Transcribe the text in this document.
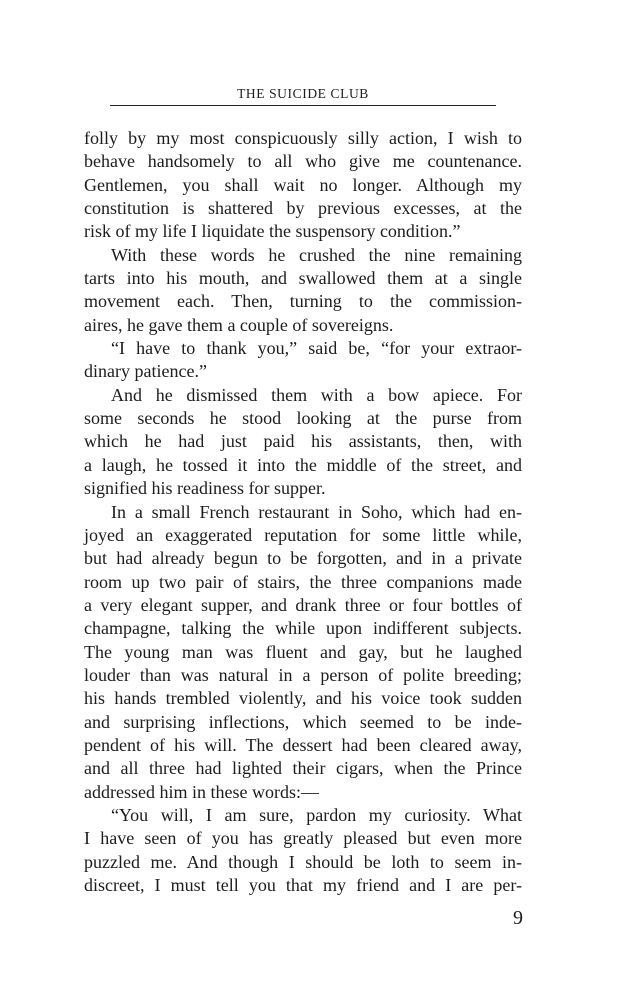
THE SUICIDE CLUB
folly by my most conspicuously silly action, I wish to
behave handsomely to all who give me countenance.
Gentlemen, you shall wait no longer. Although my
constitution is shattered by previous excesses, at the
risk of my life I liquidate the suspensory condition.”
With these words he crushed the nine remaining
tarts into his mouth, and swallowed them at a single
movement each. Then, turning to the commission-
aires, he gave them a couple of sovereigns.
“I have to thank you,” said be, “for your extraor-
dinary patience.”
And he dismissed them with a bow apiece. For
some seconds he stood looking at the purse from
which he had just paid his assistants, then, with
a laugh, he tossed it into the middle of the street, and
signified his readiness for supper.
In a small French restaurant in Soho, which had en-
joyed an exaggerated reputation for some little while,
but had already begun to be forgotten, and in a private
room up two pair of stairs, the three companions made
a very elegant supper, and drank three or four bottles of
champagne, talking the while upon indifferent subjects.
The young man was fluent and gay, but he laughed
louder than was natural in a person of polite breeding;
his hands trembled violently, and his voice took sudden
and surprising inflections, which seemed to be inde-
pendent of his will. The dessert had been cleared away,
and all three had lighted their cigars, when the Prince
addressed him in these words:—
“You will, I am sure, pardon my curiosity. What
I have seen of you has greatly pleased but even more
puzzled me. And though I should be loth to seem in-
discreet, I must tell you that my friend and I are per-
9
